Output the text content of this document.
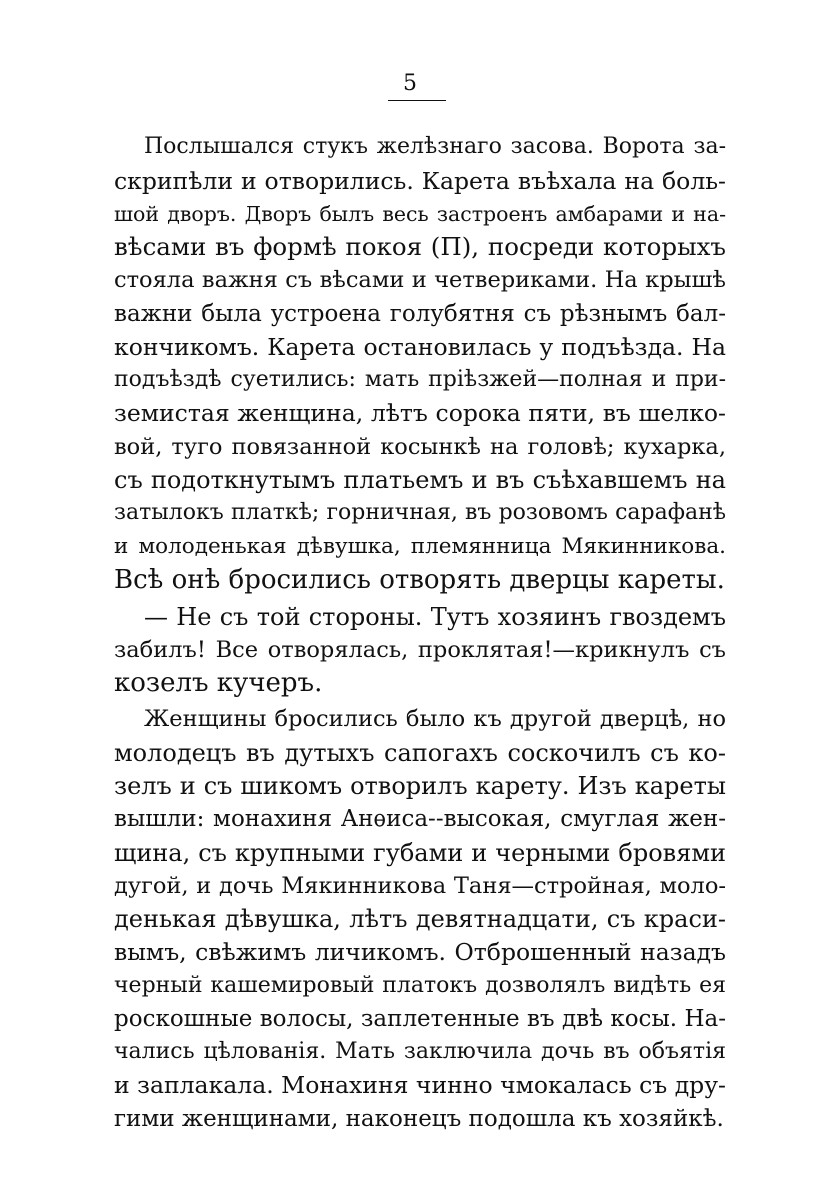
5
Послышался стукъ желѣзнаго засова. Ворота за-
скрипѣли и отворились. Карета въѣхала на боль-
шой дворъ. Дворъ былъ весь застроенъ амбарами и на-
вѣсами въ формѣ покоя (П), посреди которыхъ
стояла важня съ вѣсами и четвериками. На крышѣ
важни была устроена голубятня съ рѣзнымъ бал-
кончикомъ. Карета остановилась у подъѣзда. На
подъѣздѣ суетились: мать прiѣзжей—полная и при-
земистая женщина, лѣтъ сорока пяти, въ шелко-
вой, туго повязанной косынкѣ на головѣ; кухарка,
съ подоткнутымъ платьемъ и въ съѣхавшемъ на
затылокъ платкѣ; горничная, въ розовомъ сарафанѣ
и молоденькая дѣвушка, племянница Мякинникова.
Всѣ онѣ бросились отворять дверцы кареты.
— Не съ той стороны. Тутъ хозяинъ гвоздемъ
забилъ! Все отворялась, проклятая!—крикнулъ съ
козелъ кучеръ.
Женщины бросились было къ другой дверцѣ, но
молодецъ въ дутыхъ сапогахъ соскочилъ съ ко-
зелъ и съ шикомъ отворилъ карету. Изъ кареты
вышли: монахиня Анѳиса--высокая, смуглая жен-
щина, съ крупными губами и черными бровями
дугой, и дочь Мякинникова Таня—стройная, моло-
денькая дѣвушка, лѣтъ девятнадцати, съ краси-
вымъ, свѣжимъ личикомъ. Отброшенный назадъ
черный кашемировый платокъ дозволялъ видѣть ея
роскошные волосы, заплетенные въ двѣ косы. На-
чались цѣлованiя. Мать заключила дочь въ объятiя
и заплакала. Монахиня чинно чмокалась съ дру-
гими женщинами, наконецъ подошла къ хозяйкѣ.
